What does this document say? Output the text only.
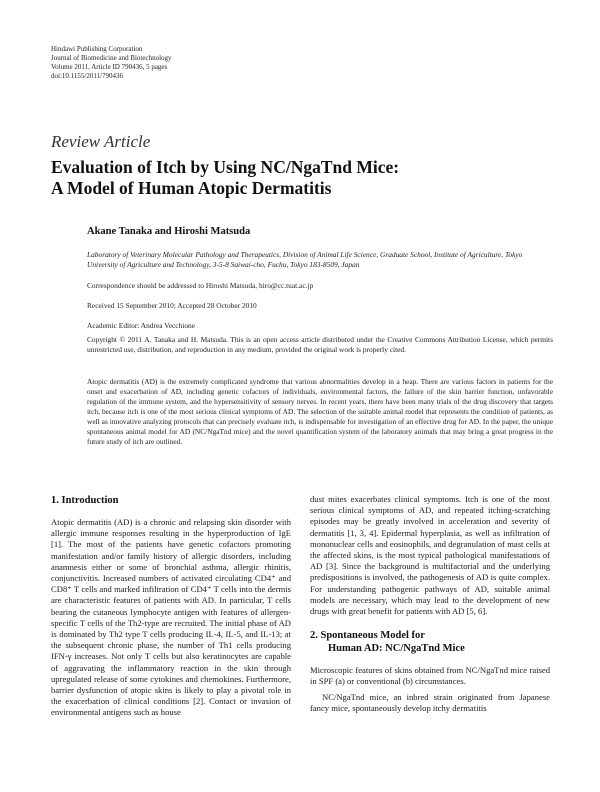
Hindawi Publishing Corporation
Journal of Biomedicine and Biotechnology
Volume 2011, Article ID 790436, 5 pages
doi:10.1155/2011/790436
Review Article
Evaluation of Itch by Using NC/NgaTnd Mice:
A Model of Human Atopic Dermatitis
Akane Tanaka and Hiroshi Matsuda
Laboratory of Veterinary Molecular Pathology and Therapeutics, Division of Animal Life Science, Graduate School, Institute of Agriculture, Tokyo University of Agriculture and Technology, 3-5-8 Saiwai-cho, Fuchu, Tokyo 183-8509, Japan
Correspondence should be addressed to Hiroshi Matsuda, hiro@cc.tuat.ac.jp
Received 15 September 2010; Accepted 28 October 2010
Academic Editor: Andrea Vecchione
Copyright © 2011 A. Tanaka and H. Matsuda. This is an open access article distributed under the Creative Commons Attribution License, which permits unrestricted use, distribution, and reproduction in any medium, provided the original work is properly cited.
Atopic dermatitis (AD) is the extremely complicated syndrome that various abnormalities develop in a heap. There are various factors in patients for the onset and exacerbation of AD, including genetic cofactors of individuals, environmental factors, the failure of the skin barrier function, unfavorable regulation of the immune system, and the hypersensitivity of sensory nerves. In recent years, there have been many trials of the drug discovery that targets itch, because itch is one of the most serious clinical symptoms of AD. The selection of the suitable animal model that represents the condition of patients, as well as innovative analyzing protocols that can precisely evaluate itch, is indispensable for investigation of an effective drug for AD. In the paper, the unique spontaneous animal model for AD (NC/NgaTnd mice) and the novel quantification system of the laboratory animals that may bring a great progress in the future study of itch are outlined.
1. Introduction

Atopic dermatitis (AD) is a chronic and relapsing skin disorder with allergic immune responses resulting in the hyperproduction of IgE [1]. The most of the patients have genetic cofactors promoting manifestation and/or family history of allergic disorders, including anamnesis either or some of bronchial asthma, allergic rhinitis, conjunctivitis. Increased numbers of activated circulating CD4⁺ and CD8⁺ T cells and marked infiltration of CD4⁺ T cells into the dermis are characteristic features of patients with AD. In particular, T cells bearing the cutaneous lymphocyte antigen with features of allergen-specific T cells of the Th2-type are recruited. The initial phase of AD is dominated by Th2 type T cells producing IL-4, IL-5, and IL-13; at the subsequent chronic phase, the number of Th1 cells producing IFN-γ increases. Not only T cells but also keratinocytes are capable of aggravating the inflammatory reaction in the skin through upregulated release of some cytokines and chemokines. Furthermore, barrier dysfunction of atopic skins is likely to play a pivotal role in the exacerbation of clinical conditions [2]. Contact or invasion of environmental antigens such as house

dust mites exacerbates clinical symptoms. Itch is one of the most serious clinical symptoms of AD, and repeated itching-scratching episodes may be greatly involved in acceleration and severity of dermatitis [1, 3, 4]. Epidermal hyperplasia, as well as infiltration of mononuclear cells and eosinophils, and degranulation of mast cells at the affected skins, is the most typical pathological manifestations of AD [3]. Since the background is multifactorial and the underlying predispositions is involved, the pathogenesis of AD is quite complex. For understanding pathogenic pathways of AD, suitable animal models are necessary, which may lead to the development of new drugs with great benefit for patients with AD [5, 6].

2. Spontaneous Model for
Human AD: NC/NgaTnd Mice

Microscopic features of skins obtained from NC/NgaTnd mice raised in SPF (a) or conventional (b) circumstances.

NC/NgaTnd mice, an inbred strain originated from Japanese fancy mice, spontaneously develop itchy dermatitis
